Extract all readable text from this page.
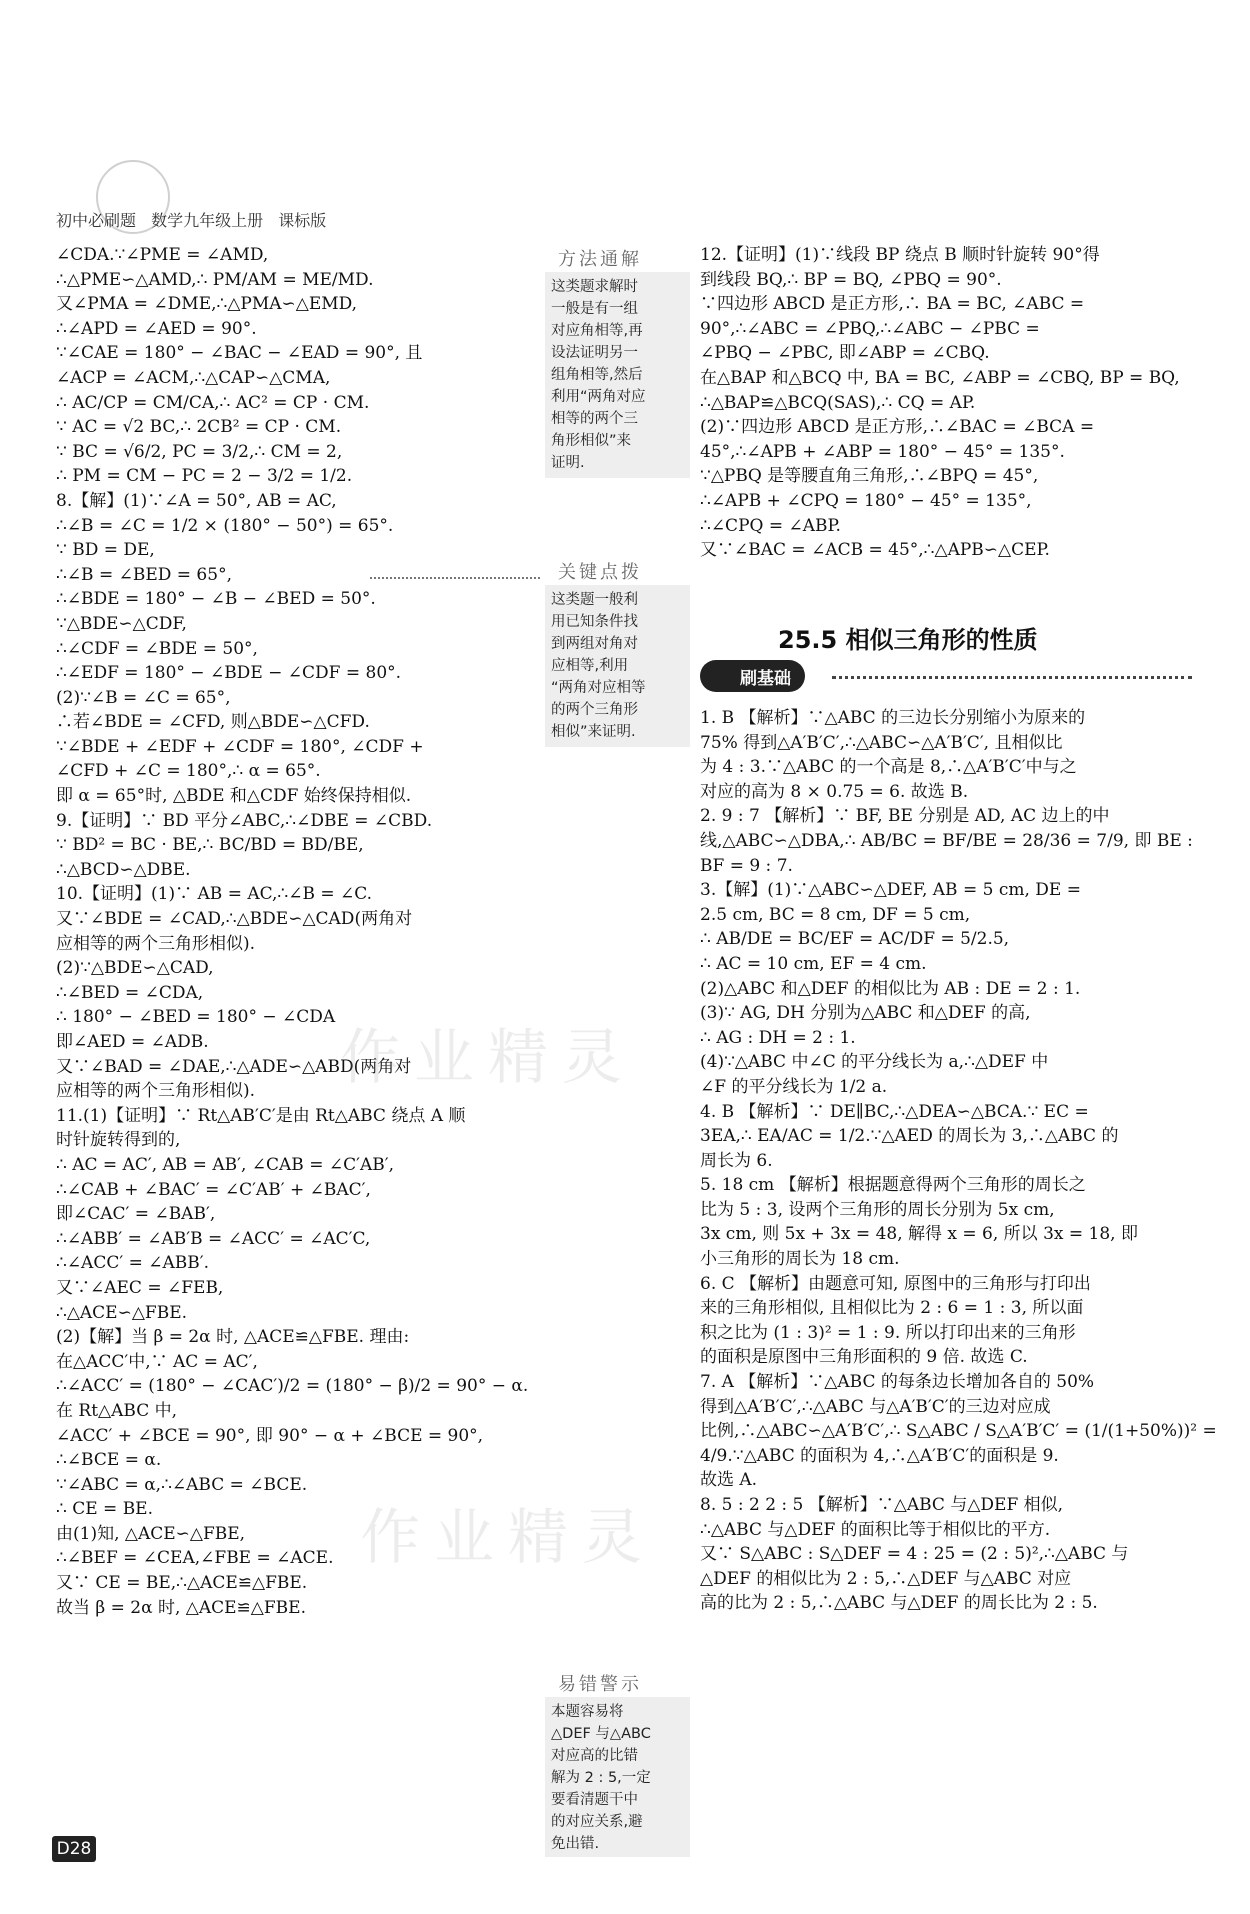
初中必刷题 数学九年级上册 课标版
∠CDA.∵∠PME = ∠AMD,
∴△PME∽△AMD,∴ PM/AM = ME/MD.
又∠PMA = ∠DME,∴△PMA∽△EMD,
∴∠APD = ∠AED = 90°.
∵∠CAE = 180° − ∠BAC − ∠EAD = 90°, 且
∠ACP = ∠ACM,∴△CAP∽△CMA,
∴ AC/CP = CM/CA,∴ AC² = CP · CM.
∵ AC = √2 BC,∴ 2CB² = CP · CM.
∵ BC = √6/2, PC = 3/2,∴ CM = 2,
∴ PM = CM − PC = 2 − 3/2 = 1/2.
8.【解】(1)∵∠A = 50°, AB = AC,
∴∠B = ∠C = 1/2 × (180° − 50°) = 65°.
∵ BD = DE,
∴∠B = ∠BED = 65°,
∴∠BDE = 180° − ∠B − ∠BED = 50°.
∵△BDE∽△CDF,
∴∠CDF = ∠BDE = 50°,
∴∠EDF = 180° − ∠BDE − ∠CDF = 80°.
(2)∵∠B = ∠C = 65°,
∴若∠BDE = ∠CFD, 则△BDE∽△CFD.
∵∠BDE + ∠EDF + ∠CDF = 180°, ∠CDF +
∠CFD + ∠C = 180°,∴ α = 65°.
即 α = 65°时, △BDE 和△CDF 始终保持相似.
9.【证明】∵ BD 平分∠ABC,∴∠DBE = ∠CBD.
∵ BD² = BC · BE,∴ BC/BD = BD/BE,
∴△BCD∽△DBE.
10.【证明】(1)∵ AB = AC,∴∠B = ∠C.
又∵∠BDE = ∠CAD,∴△BDE∽△CAD(两角对
应相等的两个三角形相似).
(2)∵△BDE∽△CAD,
∴∠BED = ∠CDA,
∴ 180° − ∠BED = 180° − ∠CDA
即∠AED = ∠ADB.
又∵∠BAD = ∠DAE,∴△ADE∽△ABD(两角对
应相等的两个三角形相似).
11.(1)【证明】∵ Rt△AB′C′是由 Rt△ABC 绕点 A 顺
时针旋转得到的,
∴ AC = AC′, AB = AB′, ∠CAB = ∠C′AB′,
∴∠CAB + ∠BAC′ = ∠C′AB′ + ∠BAC′,
即∠CAC′ = ∠BAB′,
∴∠ABB′ = ∠AB′B = ∠ACC′ = ∠AC′C,
∴∠ACC′ = ∠ABB′.
又∵∠AEC = ∠FEB,
∴△ACE∽△FBE.
(2)【解】当 β = 2α 时, △ACE≌△FBE. 理由:
在△ACC′中,∵ AC = AC′,
∴∠ACC′ = (180° − ∠CAC′)/2 = (180° − β)/2 = 90° − α.
在 Rt△ABC 中,
∠ACC′ + ∠BCE = 90°, 即 90° − α + ∠BCE = 90°,
∴∠BCE = α.
∵∠ABC = α,∴∠ABC = ∠BCE.
∴ CE = BE.
由(1)知, △ACE∽△FBE,
∴∠BEF = ∠CEA,∠FBE = ∠ACE.
又∵ CE = BE,∴△ACE≌△FBE.
故当 β = 2α 时, △ACE≌△FBE.
方法通解
这类题求解时
一般是有一组
对应角相等,再
设法证明另一
组角相等,然后
利用“两角对应
相等的两个三
角形相似”来
证明.
关键点拨
这类题一般利
用已知条件找
到两组对角对
应相等,利用
“两角对应相等
的两个三角形
相似”来证明.
易错警示
本题容易将
△DEF 与△ABC
对应高的比错
解为 2 : 5,一定
要看清题干中
的对应关系,避
免出错.
12.【证明】(1)∵线段 BP 绕点 B 顺时针旋转 90°得
到线段 BQ,∴ BP = BQ, ∠PBQ = 90°.
∵四边形 ABCD 是正方形,∴ BA = BC, ∠ABC =
90°,∴∠ABC = ∠PBQ,∴∠ABC − ∠PBC =
∠PBQ − ∠PBC, 即∠ABP = ∠CBQ.
在△BAP 和△BCQ 中, BA = BC, ∠ABP = ∠CBQ, BP = BQ,
∴△BAP≌△BCQ(SAS),∴ CQ = AP.
(2)∵四边形 ABCD 是正方形,∴∠BAC = ∠BCA =
45°,∴∠APB + ∠ABP = 180° − 45° = 135°.
∵△PBQ 是等腰直角三角形,∴∠BPQ = 45°,
∴∠APB + ∠CPQ = 180° − 45° = 135°,
∴∠CPQ = ∠ABP.
又∵∠BAC = ∠ACB = 45°,∴△APB∽△CEP.
25.5 相似三角形的性质
刷基础
1. B 【解析】∵△ABC 的三边长分别缩小为原来的
75% 得到△A′B′C′,∴△ABC∽△A′B′C′, 且相似比
为 4 : 3.∵△ABC 的一个高是 8,∴△A′B′C′中与之
对应的高为 8 × 0.75 = 6. 故选 B.
2. 9 : 7 【解析】∵ BF, BE 分别是 AD, AC 边上的中
线,△ABC∽△DBA,∴ AB/BC = BF/BE = 28/36 = 7/9, 即 BE :
BF = 9 : 7.
3.【解】(1)∵△ABC∽△DEF, AB = 5 cm, DE =
2.5 cm, BC = 8 cm, DF = 5 cm,
∴ AB/DE = BC/EF = AC/DF = 5/2.5,
∴ AC = 10 cm, EF = 4 cm.
(2)△ABC 和△DEF 的相似比为 AB : DE = 2 : 1.
(3)∵ AG, DH 分别为△ABC 和△DEF 的高,
∴ AG : DH = 2 : 1.
(4)∵△ABC 中∠C 的平分线长为 a,∴△DEF 中
∠F 的平分线长为 1/2 a.
4. B 【解析】∵ DE∥BC,∴△DEA∽△BCA.∵ EC =
3EA,∴ EA/AC = 1/2.∵△AED 的周长为 3,∴△ABC 的
周长为 6.
5. 18 cm 【解析】根据题意得两个三角形的周长之
比为 5 : 3, 设两个三角形的周长分别为 5x cm,
3x cm, 则 5x + 3x = 48, 解得 x = 6, 所以 3x = 18, 即
小三角形的周长为 18 cm.
6. C 【解析】由题意可知, 原图中的三角形与打印出
来的三角形相似, 且相似比为 2 : 6 = 1 : 3, 所以面
积之比为 (1 : 3)² = 1 : 9. 所以打印出来的三角形
的面积是原图中三角形面积的 9 倍. 故选 C.
7. A 【解析】∵△ABC 的每条边长增加各自的 50%
得到△A′B′C′,∴△ABC 与△A′B′C′的三边对应成
比例,∴△ABC∽△A′B′C′,∴ S△ABC / S△A′B′C′ = (1/(1+50%))² =
4/9.∵△ABC 的面积为 4,∴△A′B′C′的面积是 9.
故选 A.
8. 5 : 2 2 : 5 【解析】∵△ABC 与△DEF 相似,
∴△ABC 与△DEF 的面积比等于相似比的平方.
又∵ S△ABC : S△DEF = 4 : 25 = (2 : 5)²,∴△ABC 与
△DEF 的相似比为 2 : 5,∴△DEF 与△ABC 对应
高的比为 2 : 5,∴△ABC 与△DEF 的周长比为 2 : 5.
作业精灵
作业精灵
D28
